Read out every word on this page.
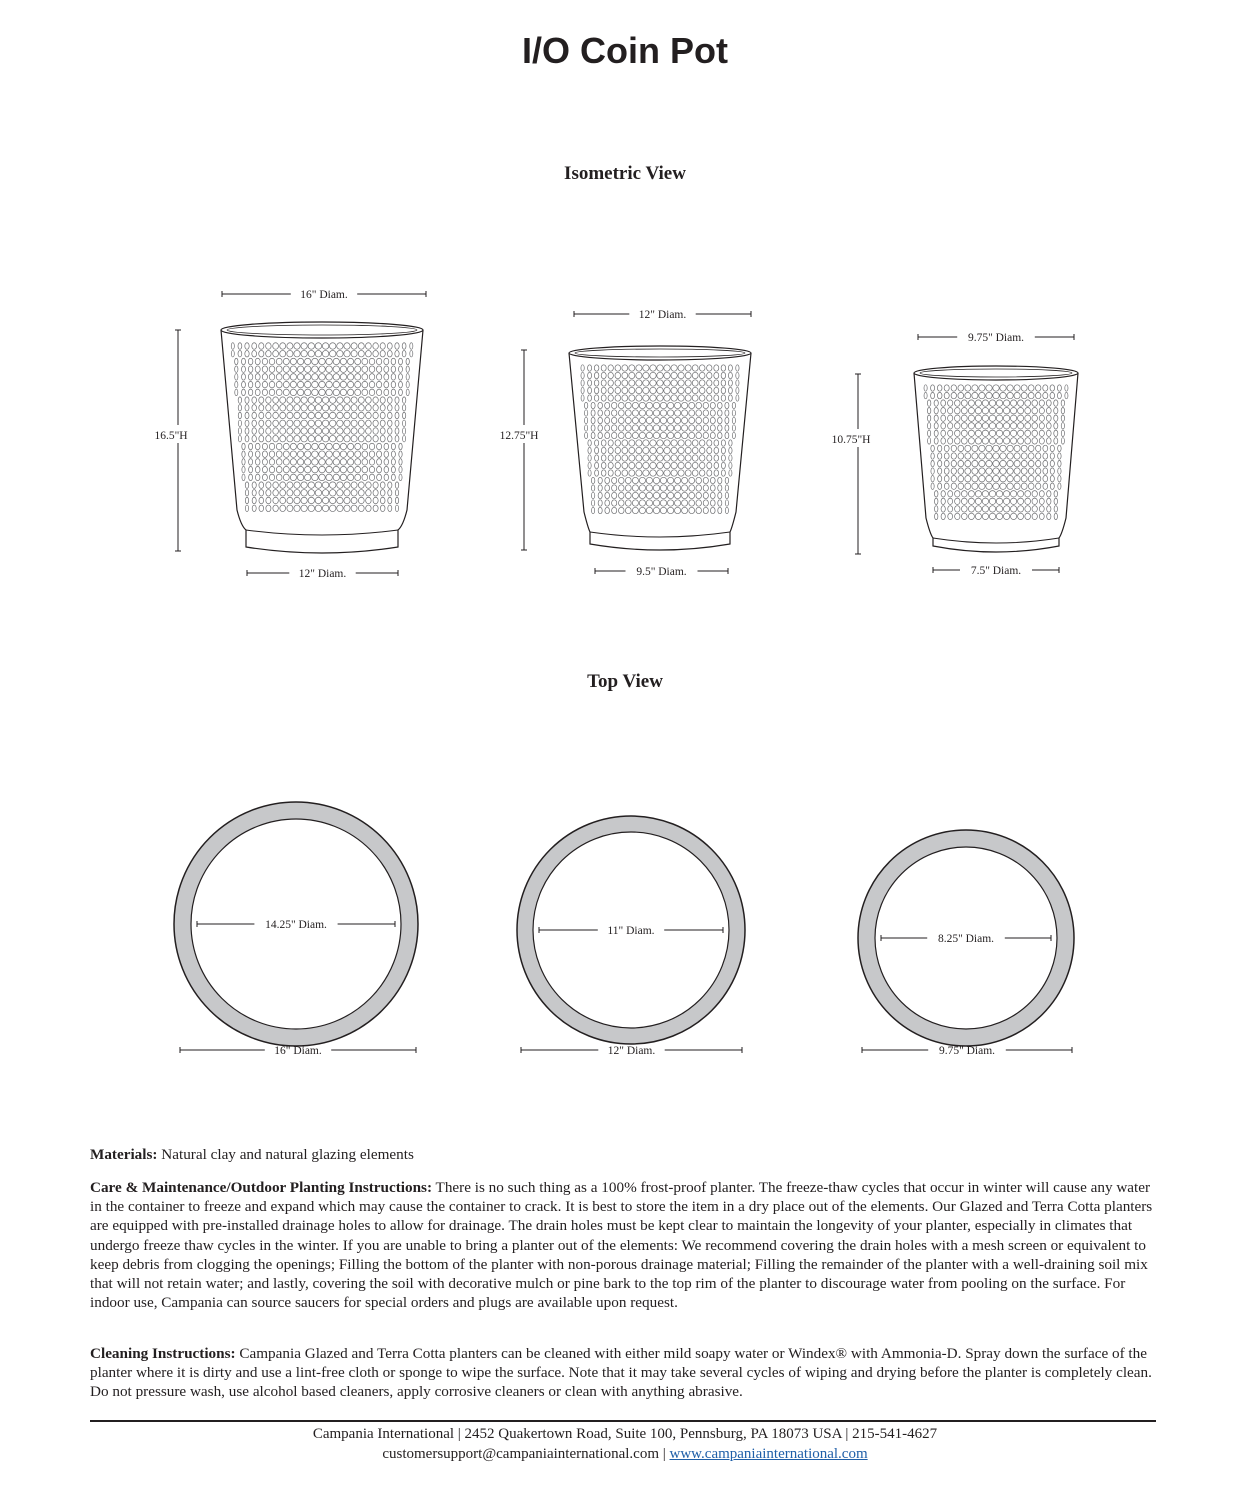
I/O Coin Pot
Isometric View
Top View
16" Diam.
16.5"H
12" Diam.
12" Diam.
12.75"H
9.5" Diam.
9.75" Diam.
10.75"H
7.5" Diam.
14.25" Diam.
16" Diam.
11" Diam.
12" Diam.
8.25" Diam.
9.75" Diam.
Materials: Natural clay and natural glazing elements
Care & Maintenance/Outdoor Planting Instructions: There is no such thing as a 100% frost-proof planter. The freeze-thaw cycles that occur in winter will cause any water in the container to freeze and expand which may cause the container to crack. It is best to store the item in a dry place out of the elements. Our Glazed and Terra Cotta planters are equipped with pre-installed drainage holes to allow for drainage. The drain holes must be kept clear to maintain the longevity of your planter, especially in climates that undergo freeze thaw cycles in the winter. If you are unable to bring a planter out of the elements: We recommend covering the drain holes with a mesh screen or equivalent to keep debris from clogging the openings; Filling the bottom of the planter with non-porous drainage material; Filling the remainder of the planter with a well-draining soil mix that will not retain water; and lastly, covering the soil with decorative mulch or pine bark to the top rim of the planter to discourage water from pooling on the surface. For indoor use, Campania can source saucers for special orders and plugs are available upon request.
Cleaning Instructions: Campania Glazed and Terra Cotta planters can be cleaned with either mild soapy water or Windex® with Ammonia-D. Spray down the surface of the planter where it is dirty and use a lint-free cloth or sponge to wipe the surface. Note that it may take several cycles of wiping and drying before the planter is completely clean. Do not pressure wash, use alcohol based cleaners, apply corrosive cleaners or clean with anything abrasive.
Campania International | 2452 Quakertown Road, Suite 100, Pennsburg, PA 18073 USA | 215-541-4627
customersupport@campaniainternational.com | www.campaniainternational.com
